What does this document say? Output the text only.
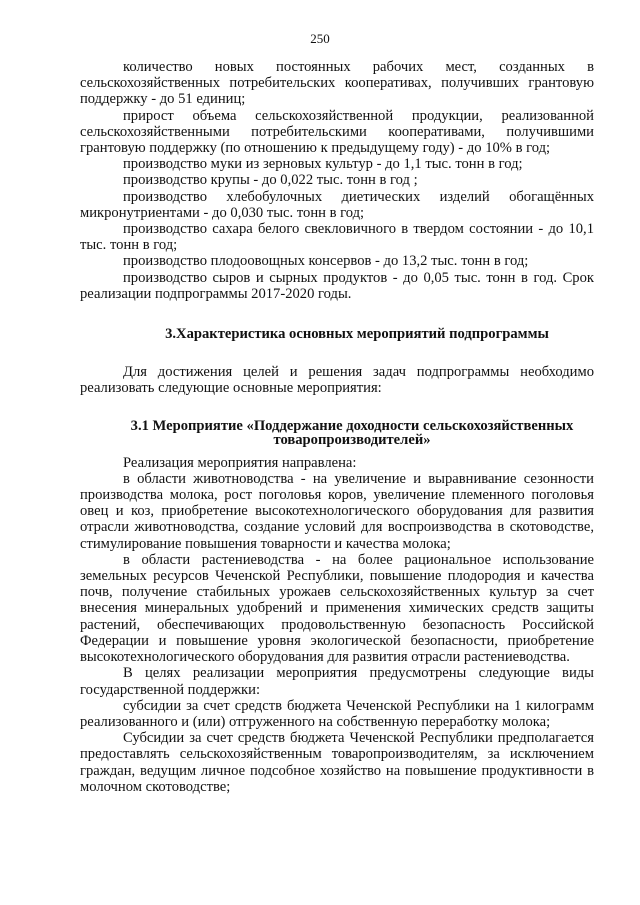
250

количество новых постоянных рабочих мест, созданных в сельскохозяйственных потребительских кооперативах, получивших грантовую поддержку - до 51 единиц;

прирост объема сельскохозяйственной продукции, реализованной сельскохозяйственными потребительскими кооперативами, получившими грантовую поддержку (по отношению к предыдущему году) - до 10% в год;

производство муки из зерновых культур - до 1,1 тыс. тонн в год;

производство крупы - до 0,022 тыс. тонн в год ;

производство хлебобулочных диетических изделий обогащённых микронутриентами - до 0,030 тыс. тонн в год;

производство сахара белого свекловичного в твердом состоянии - до 10,1 тыс. тонн в год;

производство плодоовощных консервов - до 13,2 тыс. тонн в год;

производство сыров и сырных продуктов - до 0,05 тыс. тонн в год. Срок реализации подпрограммы 2017-2020 годы.

3.Характеристика основных мероприятий подпрограммы

Для достижения целей и решения задач подпрограммы необходимо реализовать следующие основные мероприятия:

3.1 Мероприятие «Поддержание доходности сельскохозяйственных товаропроизводителей»

Реализация мероприятия направлена:

в области животноводства - на увеличение и выравнивание сезонности производства молока, рост поголовья коров, увеличение племенного поголовья овец и коз, приобретение высокотехнологического оборудования для развития отрасли животноводства, создание условий для воспроизводства в скотоводстве, стимулирование повышения товарности и качества молока;

в области растениеводства - на более рациональное использование земельных ресурсов Чеченской Республики, повышение плодородия и качества почв, получение стабильных урожаев сельскохозяйственных культур за счет внесения минеральных удобрений и применения химических средств защиты растений, обеспечивающих продовольственную безопасность Российской Федерации и повышение уровня экологической безопасности, приобретение высокотехнологического оборудования для развития отрасли растениеводства.

В целях реализации мероприятия предусмотрены следующие виды государственной поддержки:

субсидии за счет средств бюджета Чеченской Республики на 1 килограмм реализованного и (или) отгруженного на собственную переработку молока;

Субсидии за счет средств бюджета Чеченской Республики предполагается предоставлять сельскохозяйственным товаропроизводителям, за исключением граждан, ведущим личное подсобное хозяйство на повышение продуктивности в молочном скотоводстве;
